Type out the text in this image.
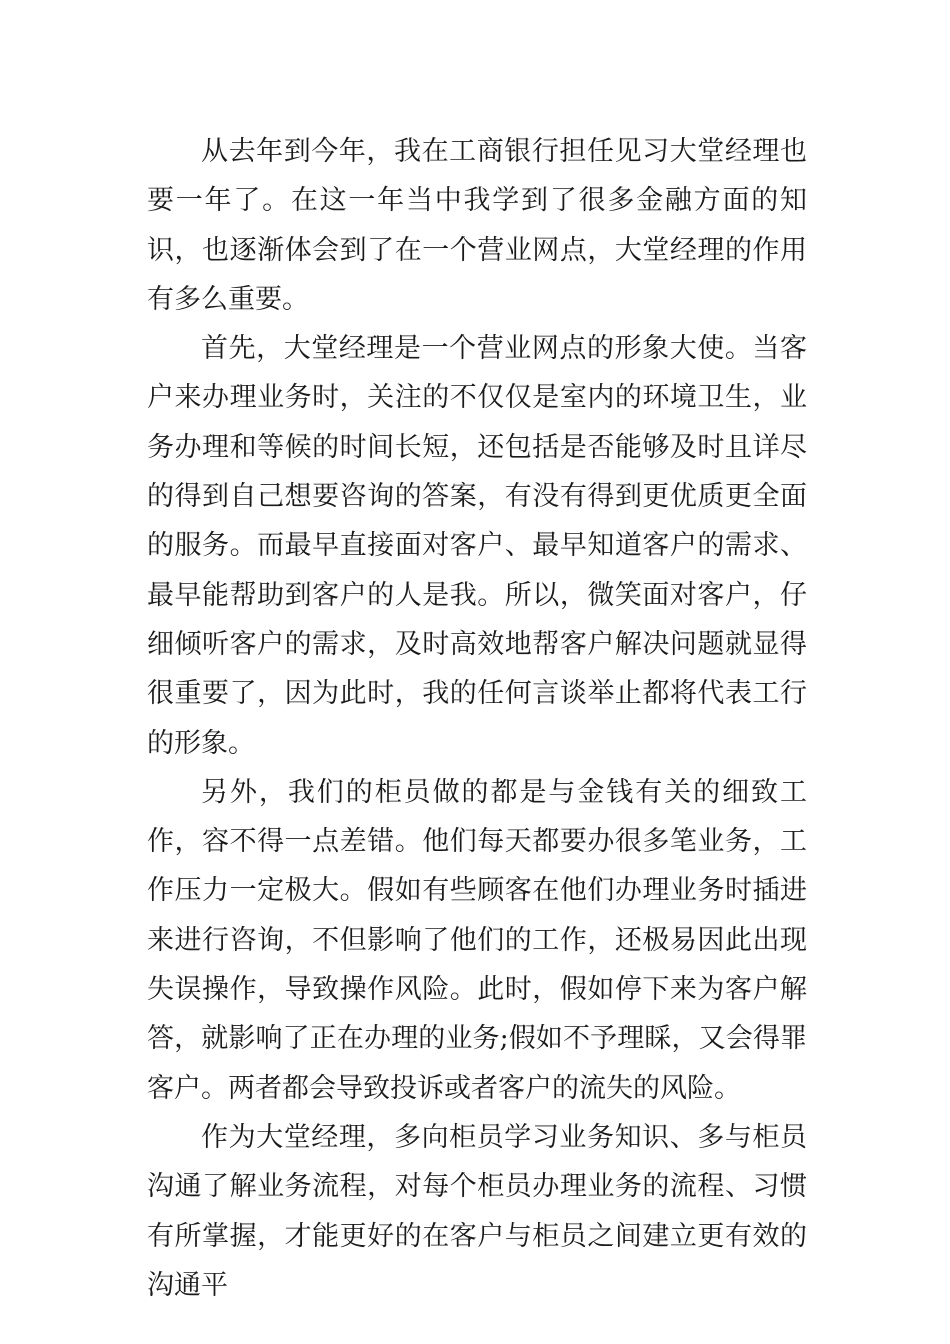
从去年到今年，我在工商银行担任见习大堂经理也要一年了。在这一年当中我学到了很多金融方面的知识，也逐渐体会到了在一个营业网点，大堂经理的作用有多么重要。

首先，大堂经理是一个营业网点的形象大使。当客户来办理业务时，关注的不仅仅是室内的环境卫生，业务办理和等候的时间长短，还包括是否能够及时且详尽的得到自己想要咨询的答案，有没有得到更优质更全面的服务。而最早直接面对客户、最早知道客户的需求、最早能帮助到客户的人是我。所以，微笑面对客户，仔细倾听客户的需求，及时高效地帮客户解决问题就显得很重要了，因为此时，我的任何言谈举止都将代表工行的形象。

另外，我们的柜员做的都是与金钱有关的细致工作，容不得一点差错。他们每天都要办很多笔业务，工作压力一定极大。假如有些顾客在他们办理业务时插进来进行咨询，不但影响了他们的工作，还极易因此出现失误操作，导致操作风险。此时，假如停下来为客户解答，就影响了正在办理的业务;假如不予理睬，又会得罪客户。两者都会导致投诉或者客户的流失的风险。

作为大堂经理，多向柜员学习业务知识、多与柜员沟通了解业务流程，对每个柜员办理业务的流程、习惯有所掌握，才能更好的在客户与柜员之间建立更有效的沟通平
